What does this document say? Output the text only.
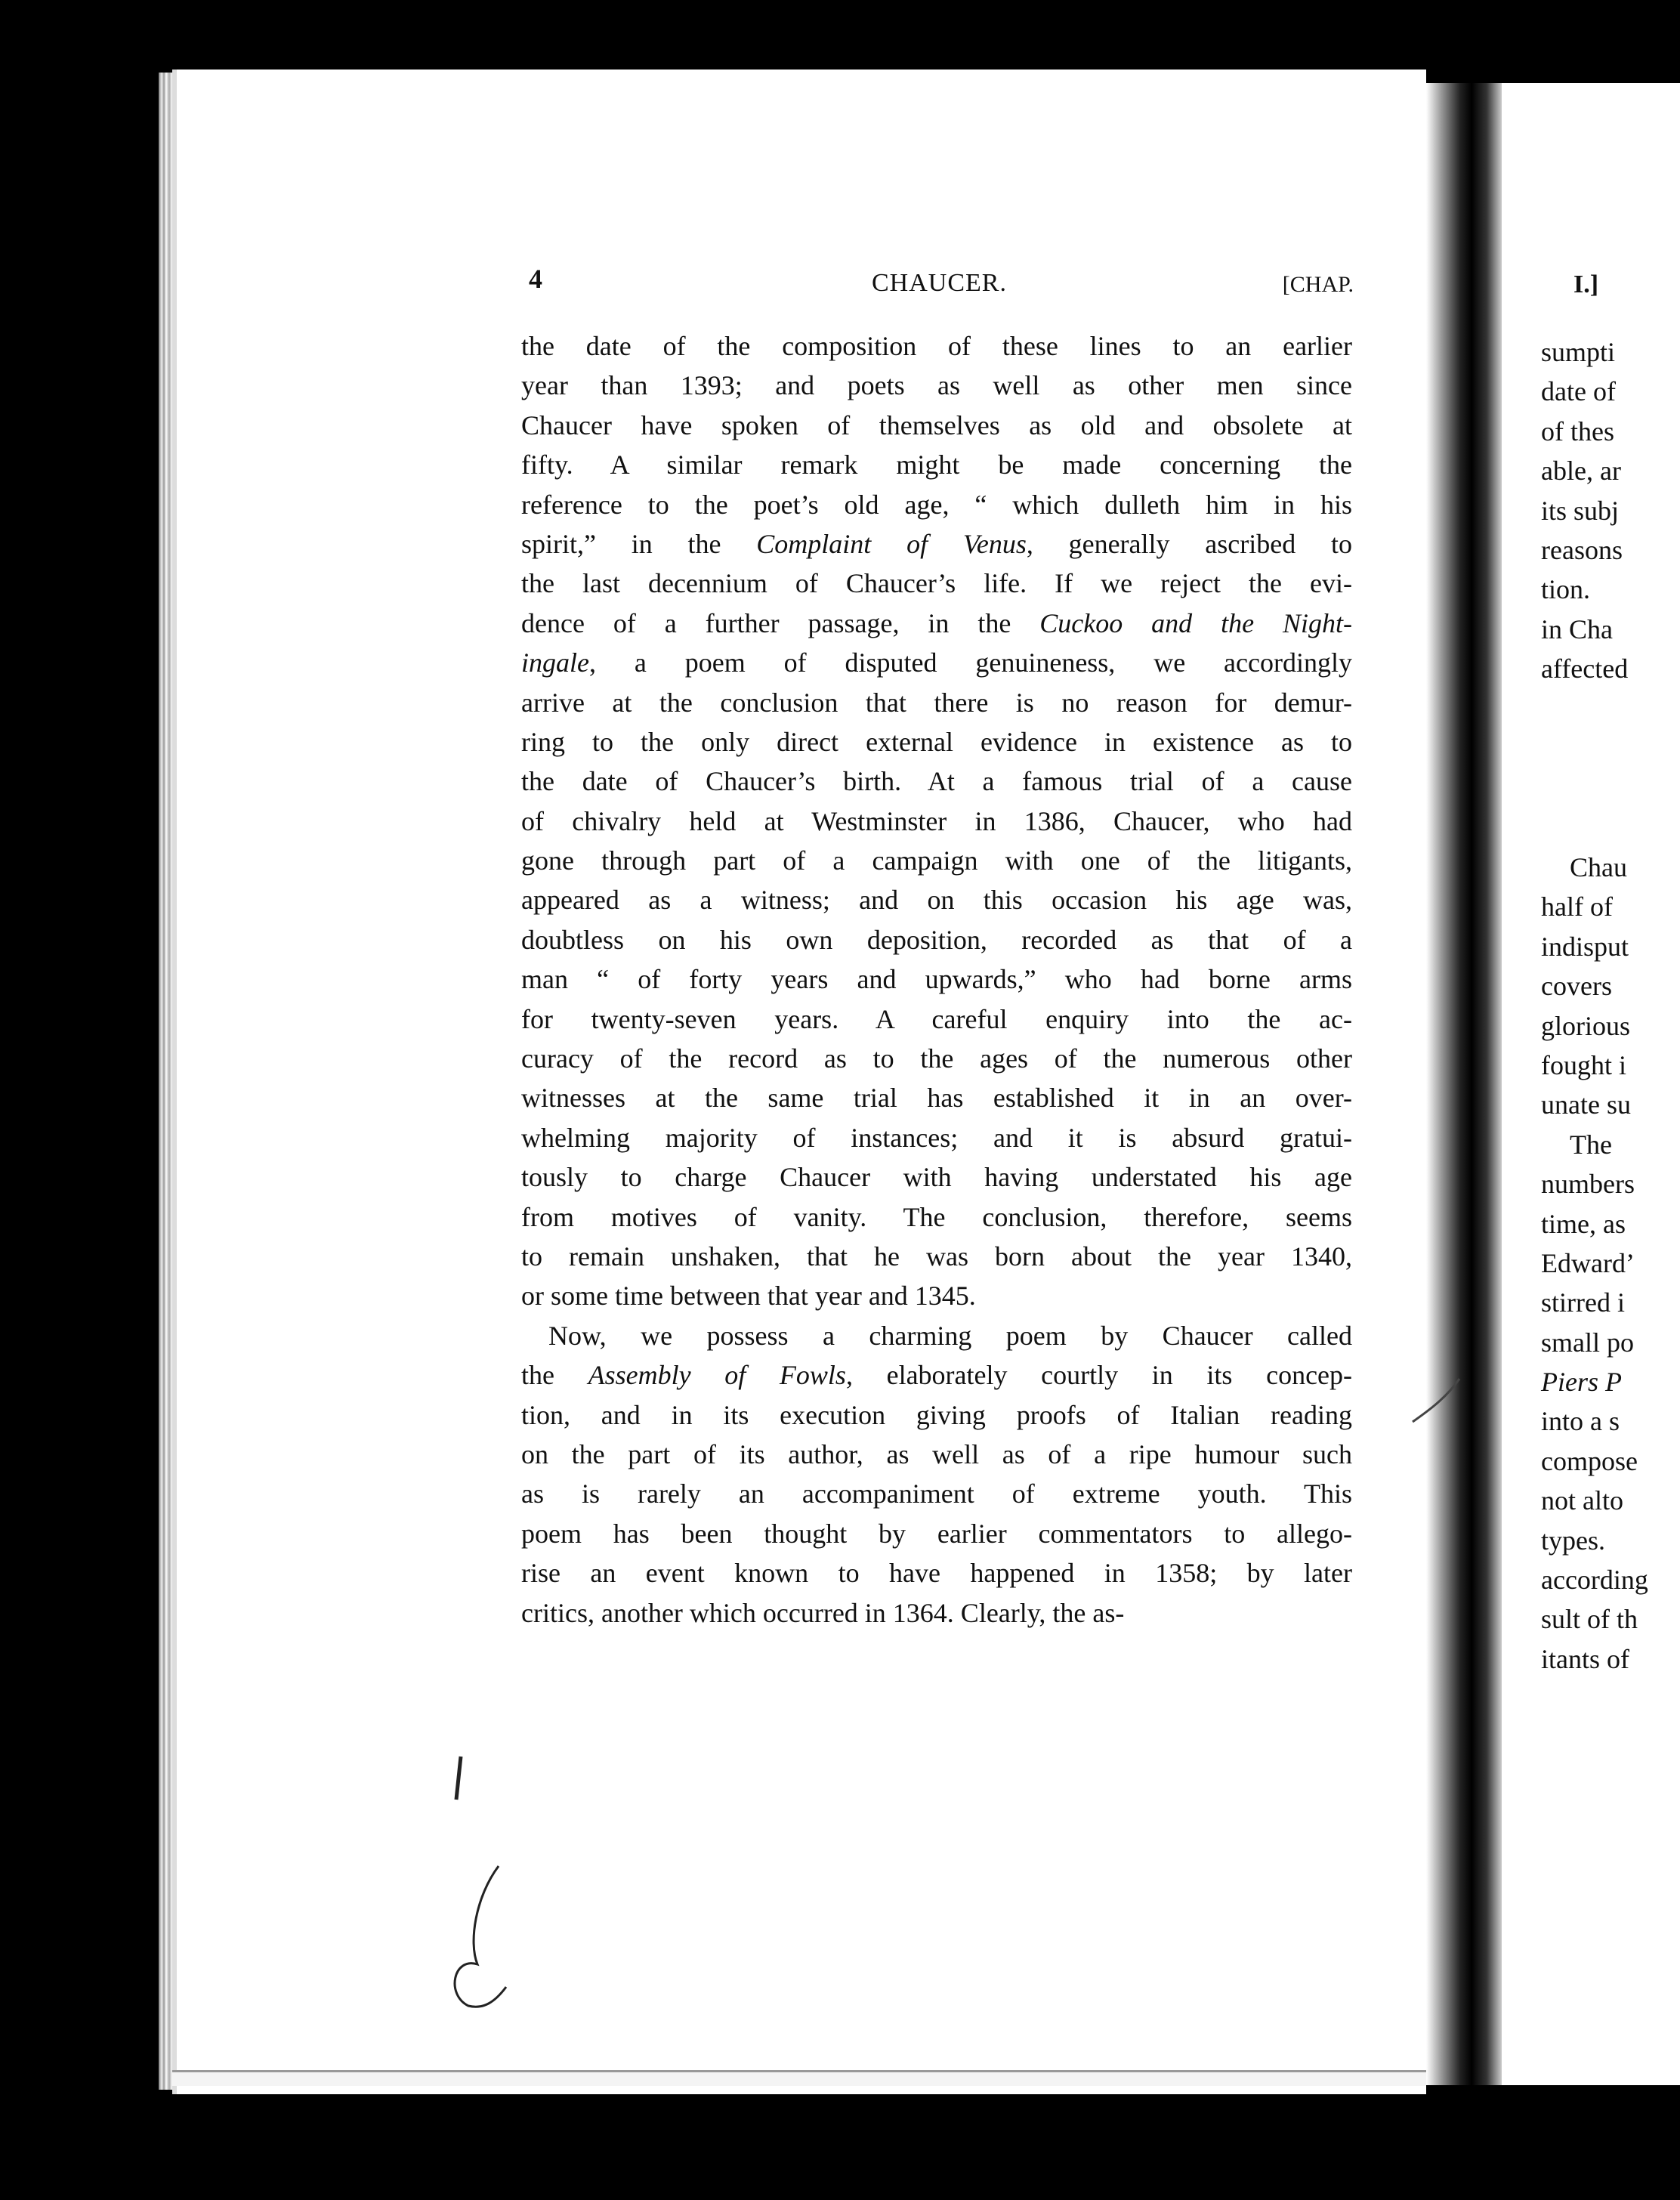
4	CHAUCER.	[CHAP.
the date of the composition of these lines to an earlier
year than 1393; and poets as well as other men since
Chaucer have spoken of themselves as old and obsolete at
fifty. A similar remark might be made concerning the
reference to the poet’s old age, “ which dulleth him in his
spirit,” in the Complaint of Venus, generally ascribed to
the last decennium of Chaucer’s life. If we reject the evi-
dence of a further passage, in the Cuckoo and the Night-
ingale, a poem of disputed genuineness, we accordingly
arrive at the conclusion that there is no reason for demur-
ring to the only direct external evidence in existence as to
the date of Chaucer’s birth. At a famous trial of a cause
of chivalry held at Westminster in 1386, Chaucer, who had
gone through part of a campaign with one of the litigants,
appeared as a witness; and on this occasion his age was,
doubtless on his own deposition, recorded as that of a
man “ of forty years and upwards,” who had borne arms
for twenty-seven years. A careful enquiry into the ac-
curacy of the record as to the ages of the numerous other
witnesses at the same trial has established it in an over-
whelming majority of instances; and it is absurd gratui-
tously to charge Chaucer with having understated his age
from motives of vanity. The conclusion, therefore, seems
to remain unshaken, that he was born about the year 1340,
or some time between that year and 1345.
Now, we possess a charming poem by Chaucer called
the Assembly of Fowls, elaborately courtly in its concep-
tion, and in its execution giving proofs of Italian reading
on the part of its author, as well as of a ripe humour such
as is rarely an accompaniment of extreme youth. This
poem has been thought by earlier commentators to allego-
rise an event known to have happened in 1358; by later
critics, another which occurred in 1364. Clearly, the as-
I.]
sumpti
date of
of thes
able, ar
its subj
reasons
tion.
in Cha
affected
Chau
half of
indisput
covers
glorious
fought i
unate su
The
numbers
time, as
Edward’
stirred i
small po
Piers P
into a s
compose
not alto
types.
according
sult of th
itants of
